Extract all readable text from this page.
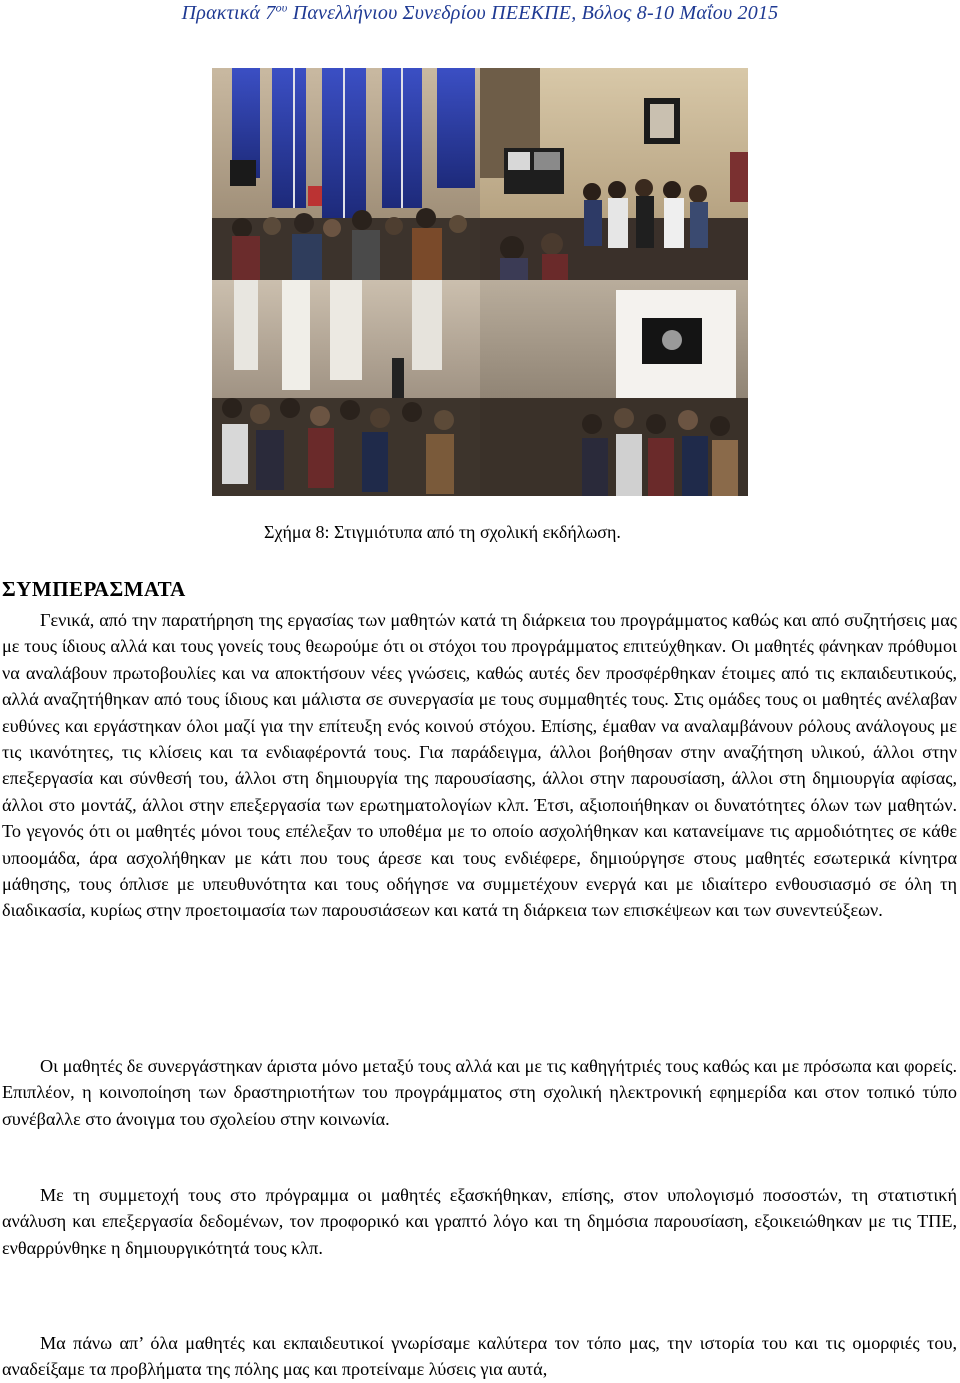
Πρακτικά $7^{o\upsilon}$ Πανελλήνιου Συνεδρίου ΠΕΕΚΠΕ, Βόλος 8-10 Μαΐου 2015
Σχήμα 8: Στιγμιότυπα από τη σχολική εκδήλωση.
ΣΥΜΠΕΡΑΣΜΑΤΑ

Γενικά, από την παρατήρηση της εργασίας των μαθητών κατά τη διάρκεια του προγράμματος καθώς και από συζητήσεις μας με τους ίδιους αλλά και τους γονείς τους θεωρούμε ότι οι στόχοι του προγράμματος επιτεύχθηκαν. Οι μαθητές φάνηκαν πρόθυμοι να αναλάβουν πρωτοβουλίες και να αποκτήσουν νέες γνώσεις, καθώς αυτές δεν προσφέρθηκαν έτοιμες από τις εκπαιδευτικούς, αλλά αναζητήθηκαν από τους ίδιους και μάλιστα σε συνεργασία με τους συμμαθητές τους. Στις ομάδες τους οι μαθητές ανέλαβαν ευθύνες και εργάστηκαν όλοι μαζί για την επίτευξη ενός κοινού στόχου. Επίσης, έμαθαν να αναλαμβάνουν ρόλους ανάλογους με τις ικανότητες, τις κλίσεις και τα ενδιαφέροντά τους. Για παράδειγμα, άλλοι βοήθησαν στην αναζήτηση υλικού, άλλοι στην επεξεργασία και σύνθεσή του, άλλοι στη δημιουργία της παρουσίασης, άλλοι στην παρουσίαση, άλλοι στη δημιουργία αφίσας, άλλοι στο μοντάζ, άλλοι στην επεξεργασία των ερωτηματολογίων κλπ. Έτσι, αξιοποιήθηκαν οι δυνατότητες όλων των μαθητών. Το γεγονός ότι οι μαθητές μόνοι τους επέλεξαν το υποθέμα με το οποίο ασχολήθηκαν και κατανείμανε τις αρμοδιότητες σε κάθε υποομάδα, άρα ασχολήθηκαν με κάτι που τους άρεσε και τους ενδιέφερε, δημιούργησε στους μαθητές εσωτερικά κίνητρα μάθησης, τους όπλισε με υπευθυνότητα και τους οδήγησε να συμμετέχουν ενεργά και με ιδιαίτερο ενθουσιασμό σε όλη τη διαδικασία, κυρίως στην προετοιμασία των παρουσιάσεων και κατά τη διάρκεια των επισκέψεων και των συνεντεύξεων.

Οι μαθητές δε συνεργάστηκαν άριστα μόνο μεταξύ τους αλλά και με τις καθηγήτριές τους καθώς και με πρόσωπα και φορείς. Επιπλέον, η κοινοποίηση των δραστηριοτήτων του προγράμματος στη σχολική ηλεκτρονική εφημερίδα και στον τοπικό τύπο συνέβαλλε στο άνοιγμα του σχολείου στην κοινωνία.

Με τη συμμετοχή τους στο πρόγραμμα οι μαθητές εξασκήθηκαν, επίσης, στον υπολογισμό ποσοστών, τη στατιστική ανάλυση και επεξεργασία δεδομένων, τον προφορικό και γραπτό λόγο και τη δημόσια παρουσίαση, εξοικειώθηκαν με τις ΤΠΕ, ενθαρρύνθηκε η δημιουργικότητά τους κλπ.

Μα πάνω απ’ όλα μαθητές και εκπαιδευτικοί γνωρίσαμε καλύτερα τον τόπο μας, την ιστορία του και τις ομορφιές του, αναδείξαμε τα προβλήματα της πόλης μας και προτείναμε λύσεις για αυτά,
